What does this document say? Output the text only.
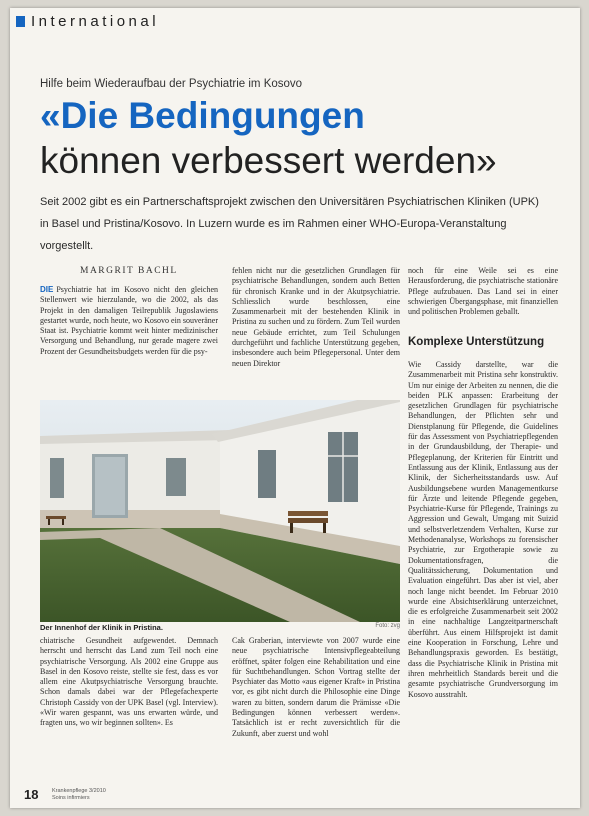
International
Hilfe beim Wiederaufbau der Psychiatrie im Kosovo
«Die Bedingungen
können verbessert werden»
Seit 2002 gibt es ein Partnerschaftsprojekt zwischen den Universitären Psychiatrischen Kliniken (UPK) in Basel und Pristina/Kosovo. In Luzern wurde es im Rahmen einer WHO-Europa-Veranstaltung vorgestellt.
MARGRIT BACHL
DIE Psychiatrie hat im Kosovo nicht den gleichen Stellenwert wie hierzulande, wo die 2002, als das Projekt in den damaligen Teilrepublik Jugoslawiens gestartet wurde, noch heute, wo Kosovo ein souveräner Staat ist. Psychiatrie kommt weit hinter medizinischer Versorgung und Behandlung, nur gerade magere zwei Prozent der Gesundheitsbudgets werden für die psy-
fehlen nicht nur die gesetzlichen Grundlagen für psychiatrische Behandlungen, sondern auch Betten für chronisch Kranke und in der Akutpsychiatrie. Schliesslich wurde beschlossen, eine Zusammenarbeit mit der bestehenden Klinik in Pristina zu suchen und zu fördern. Zum Teil wurden neue Gebäude errichtet, zum Teil Schulungen durchgeführt und fachliche Unterstützung gegeben, insbesondere auch beim Pflegepersonal. Unter dem neuen Direktor
noch für eine Weile sei es eine Herausforderung, die psychiatrische stationäre Pflege aufzubauen. Das Land sei in einer schwierigen Übergangsphase, mit finanziellen und politischen Problemen geballt.
Komplexe Unterstützung
Wie Cassidy darstellte, war die Zusammenarbeit mit Pristina sehr konstruktiv. Um nur einige der Arbeiten zu nennen, die die beiden PLK anpassen: Erarbeitung der gesetzlichen Grundlagen für psychiatrische Behandlungen, der Pflichten sehr und Dienstplanung für Pflegende, die Guidelines für das Assessment von Psychiatriepflegenden in der Grundausbildung, der Therapie- und Pflegeplanung, der Kriterien für Eintritt und Entlassung aus der Klinik, Entlassung aus der Klinik, der Sicherheitsstandards usw. Auf Ausbildungsebene wurden Managementkurse für Ärzte und leitende Pflegende gegeben, Psychiatrie-Kurse für Pflegende, Trainings zu Aggression und Gewalt, Umgang mit Suizid und selbstverletzendem Verhalten, Kurse zur Methodenanalyse, Workshops zu forensischer Psychiatrie, zur Ergotherapie sowie zu Dokumentationsfragen, die Qualitätssicherung, Dokumentation und Evaluation eingeführt. Das aber ist viel, aber noch lange nicht beendet. Im Februar 2010 wurde eine Absichtserklärung unterzeichnet, die es erfolgreiche Zusammenarbeit seit 2002 in eine nachhaltige Langzeitpartnerschaft überführt. Aus einem Hilfsprojekt ist damit eine Kooperation in Forschung, Lehre und Behandlungspraxis geworden. Es bestätigt, dass die Psychiatrische Klinik in Pristina mit ihren mehrheitlich Standards bereit und die gesamte psychiatrische Grundversorgung im Kosovo ausstrahlt.
Der Innenhof der Klinik in Pristina.	Foto: zvg
chiatrische Gesundheit aufgewendet. Demnach herrscht und herrscht das Land zum Teil noch eine psychiatrische Versorgung. Als 2002 eine Gruppe aus Basel in den Kosovo reiste, stellte sie fest, dass es vor allem eine Akutpsychiatrische Versorgung brauchte. Schon damals dabei war der Pflegefachexperte Christoph Cassidy von der UPK Basel (vgl. Interview). «Wir waren gespannt, was uns erwarten würde, und fragten uns, wo wir beginnen sollten». Es
Cak Graberian, interviewte von 2007 wurde eine neue psychiatrische Intensivpflegeabteilung eröffnet, später folgen eine Rehabilitation und eine für Suchtbehandlungen. Schon Vortrag stellte der Psychiater das Motto «aus eigener Kraft» in Pristina vor, es gibt nicht durch die Philosophie eine Dinge waren zu bitten, sondern darum die Prämisse «Die Bedingungen können verbessert werden». Tatsächlich ist er recht zuversichtlich für die Zukunft, aber zuerst und wohl
18 Krankenpflege 3/2010
Soins infirmiers
